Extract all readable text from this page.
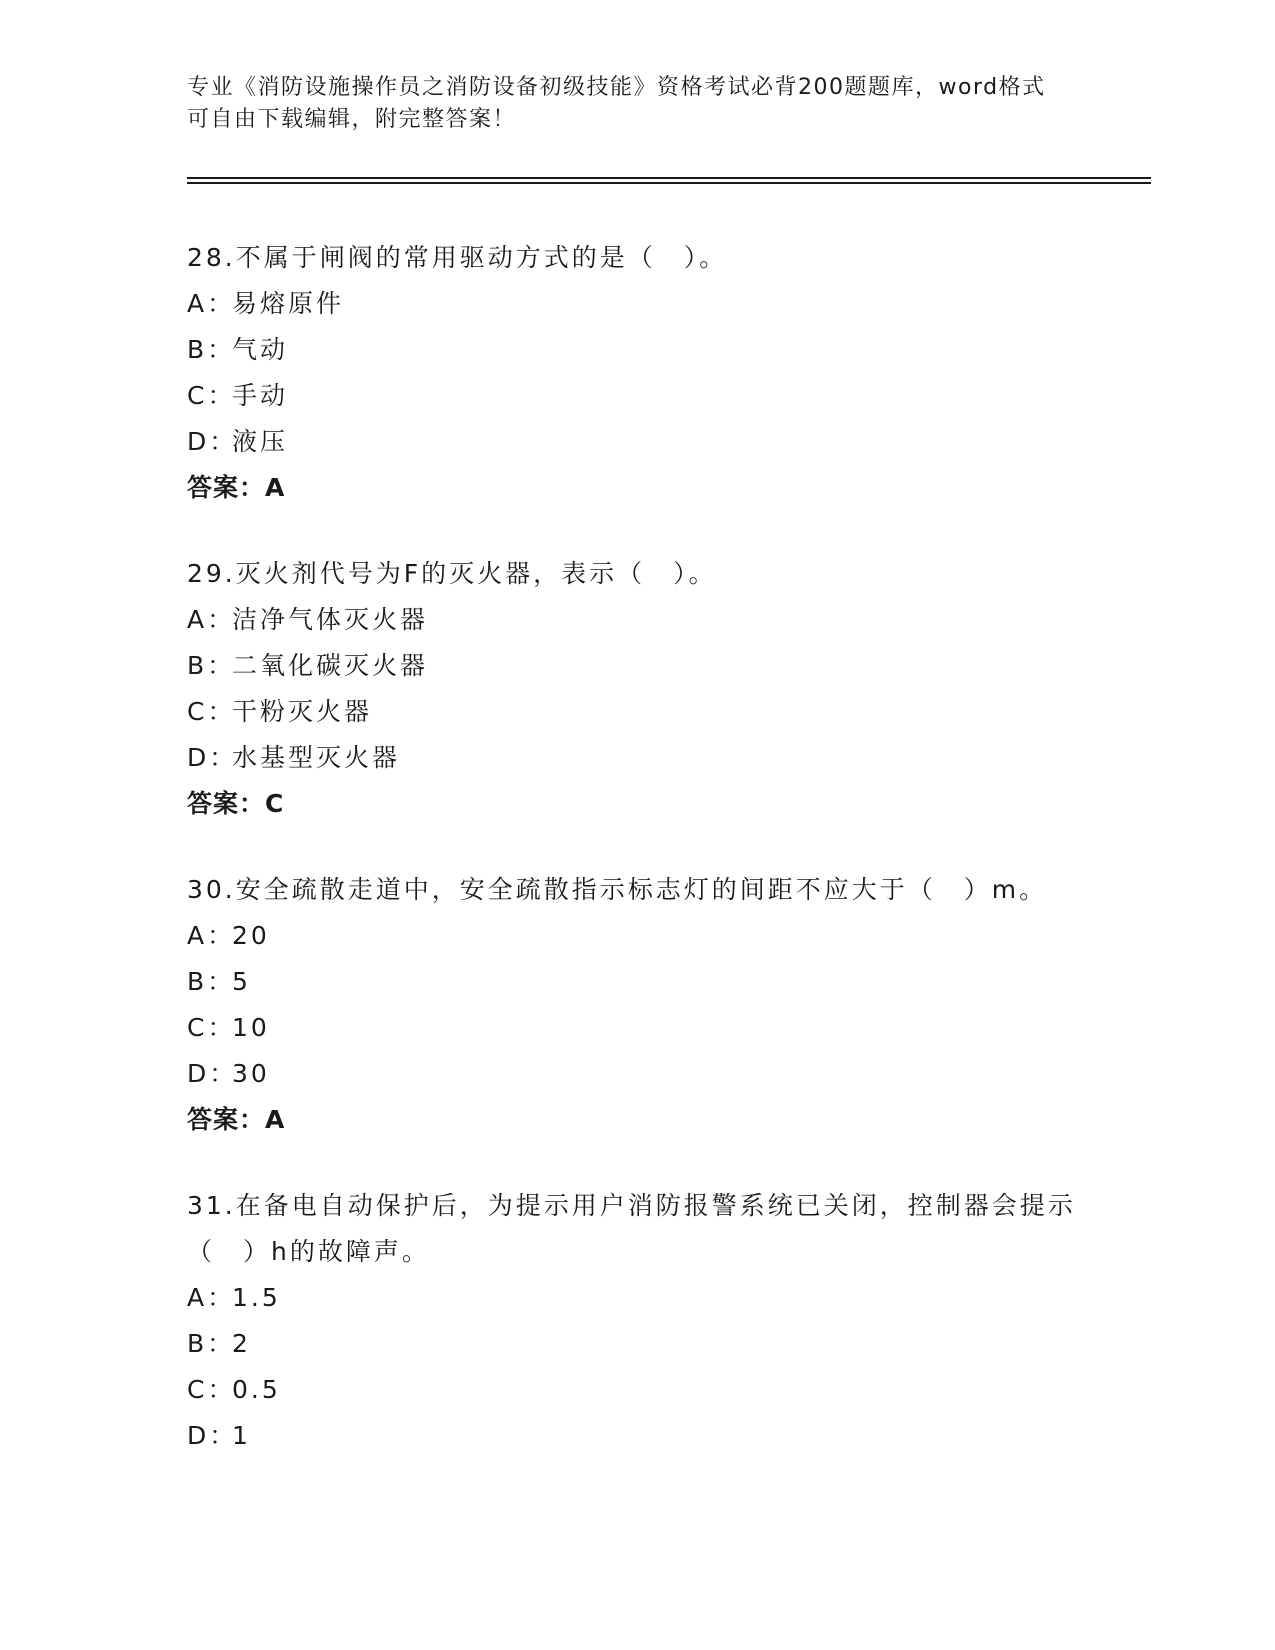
专业《消防设施操作员之消防设备初级技能》资格考试必背200题题库，word格式可自由下载编辑，附完整答案！
28.不属于闸阀的常用驱动方式的是（　）。
A：
易熔原件
B：
气动
C：
手动
D：
液压
答案：A
29.灭火剂代号为F的灭火器，表示（　）。
A：
洁净气体灭火器
B：
二氧化碳灭火器
C：
干粉灭火器
D：
水基型灭火器
答案：C
30.安全疏散走道中，安全疏散指示标志灯的间距不应大于（　）m。
A：
20
B：
5
C：
10
D：
30
答案：A
31.在备电自动保护后，为提示用户消防报警系统已关闭，控制器会提示（　）h的故障声。
A：
1.5
B：
2
C：
0.5
D：
1
